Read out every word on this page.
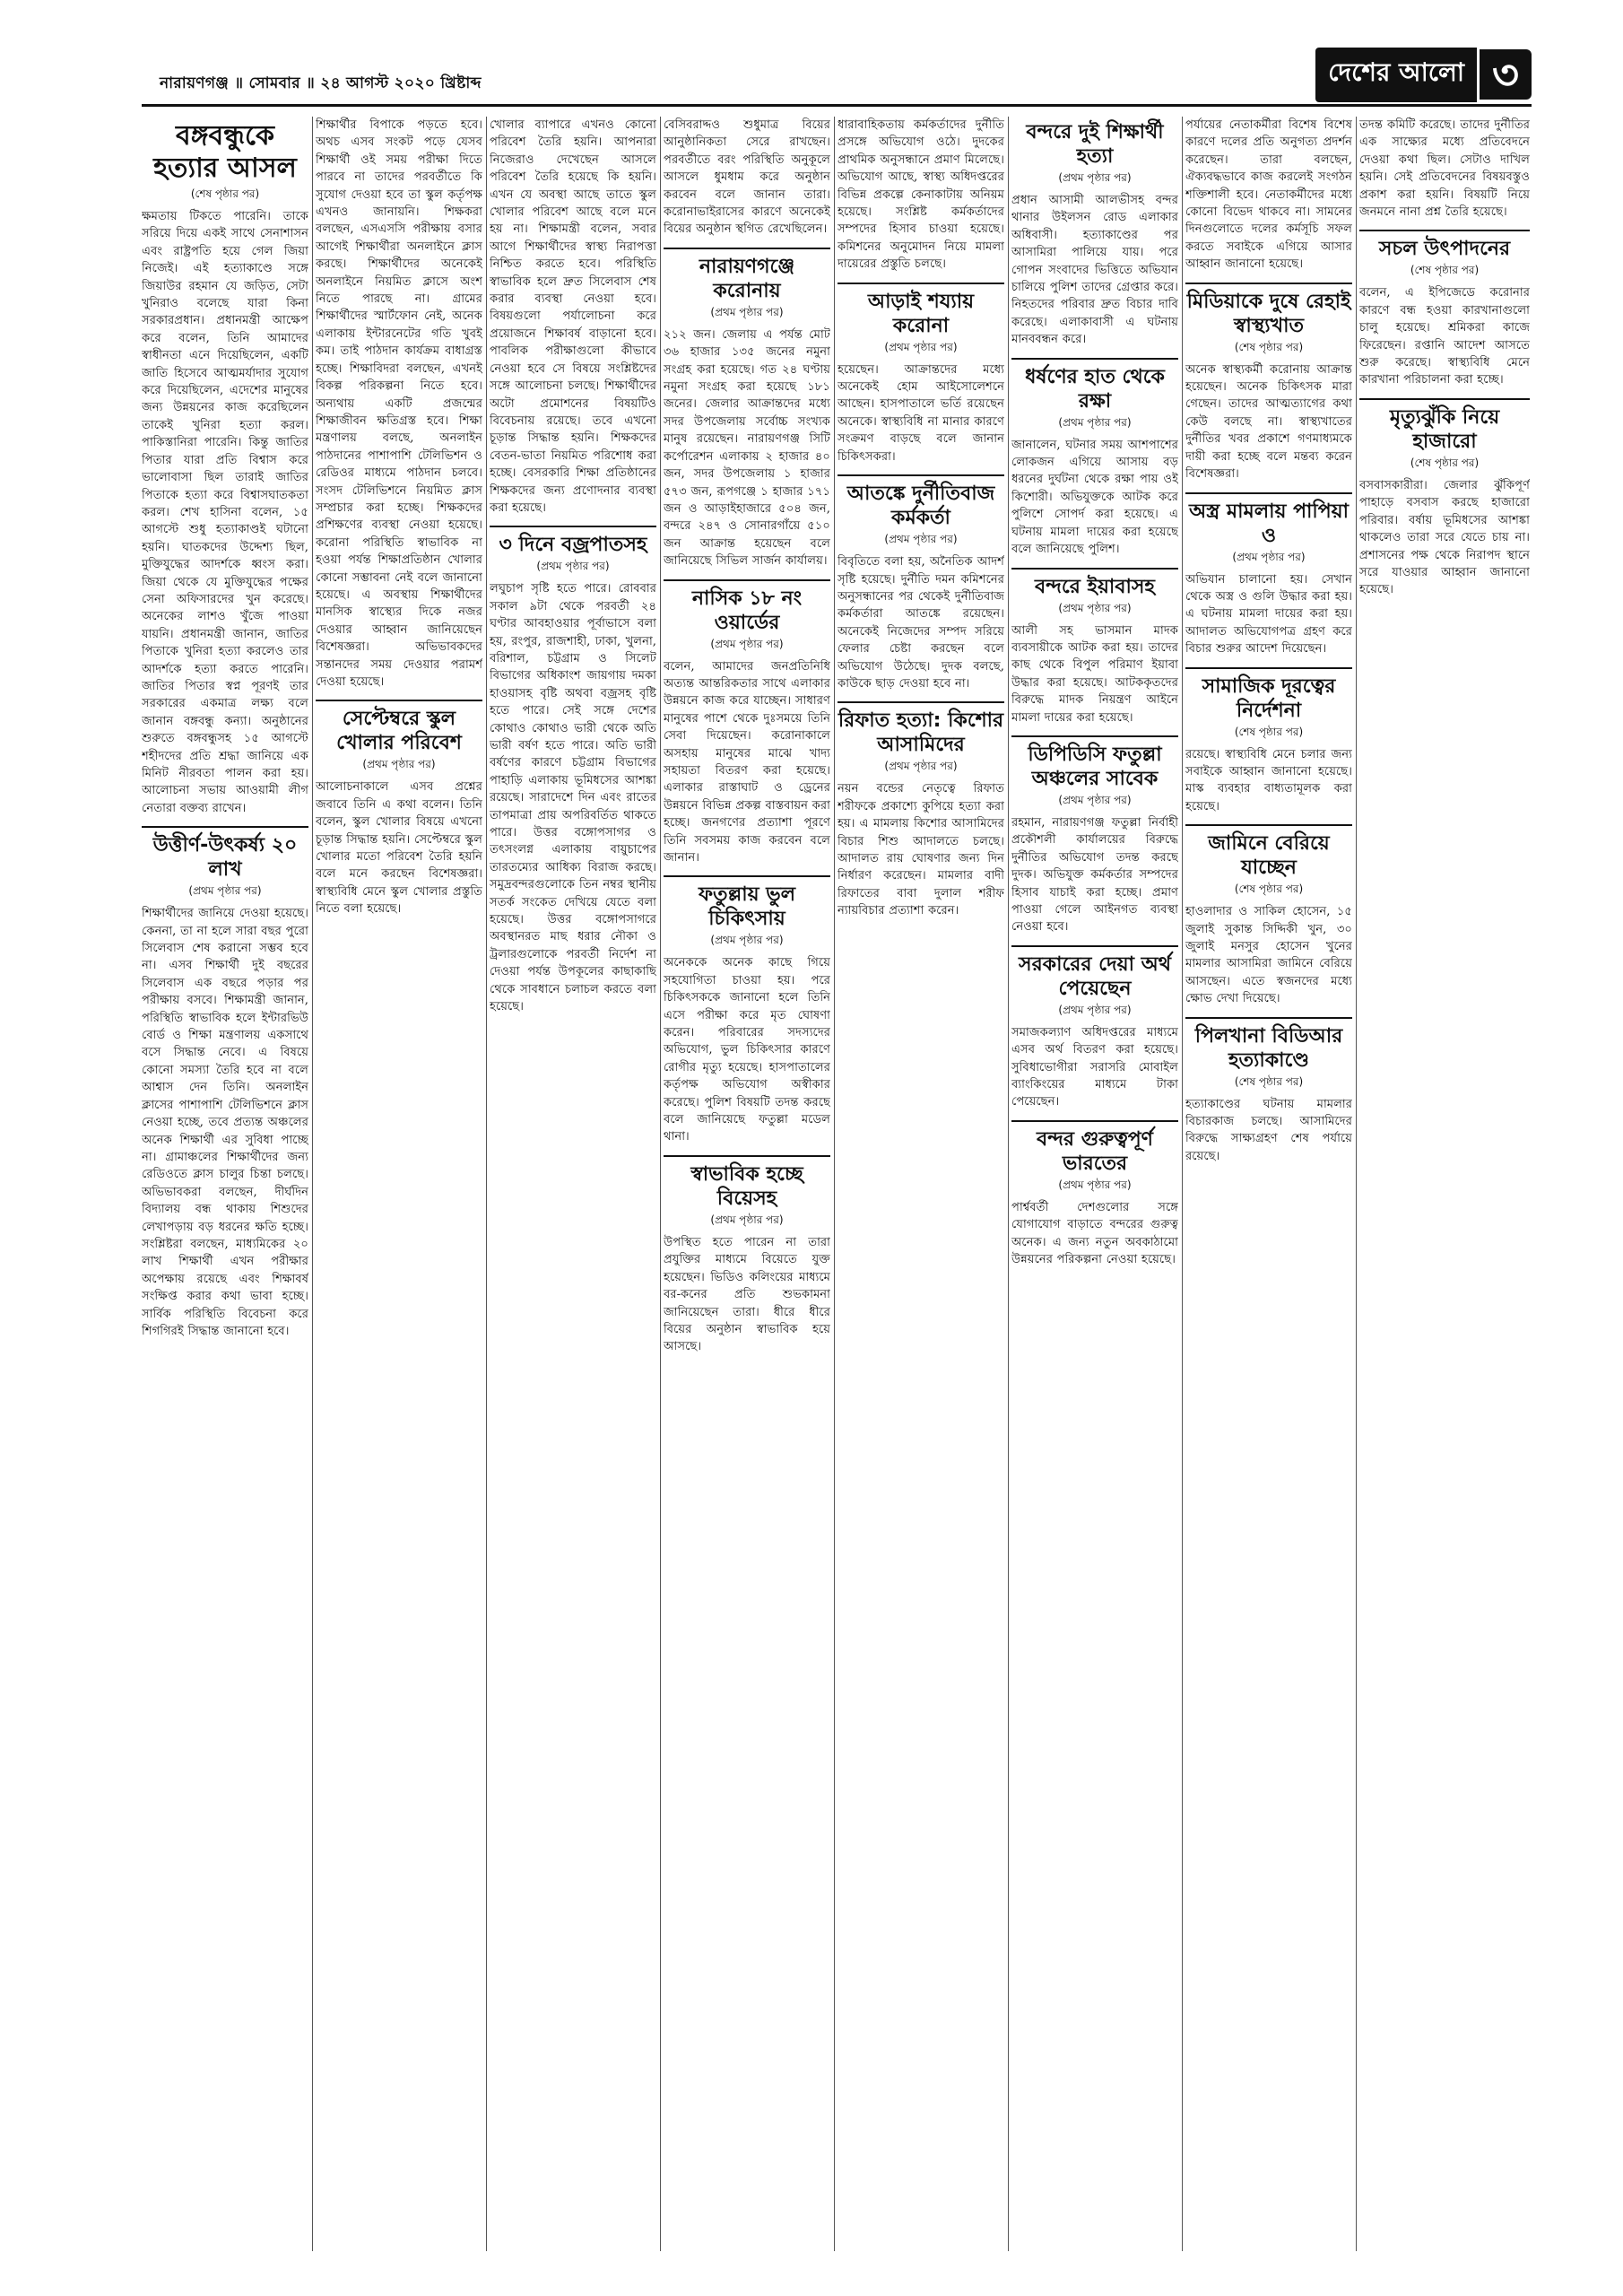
নারায়ণগঞ্জ ॥ সোমবার ॥ ২৪ আগস্ট ২০২০ খ্রিষ্টাব্দ	দেশের আলো ৩
বঙ্গবন্ধুকে হত্যার আসল
(শেষ পৃষ্ঠার পর)

ক্ষমতায় টিকতে পারেনি। তাকে সরিয়ে দিয়ে একই সাথে সেনাশাসন এবং রাষ্ট্রপতি হয়ে গেল জিয়া নিজেই। এই হত্যাকাণ্ডে সঙ্গে জিয়াউর রহমান যে জড়িত, সেটা খুনিরাও বলেছে যারা কিনা সরকারপ্রধান। প্রধানমন্ত্রী আক্ষেপ করে বলেন, তিনি আমাদের স্বাধীনতা এনে দিয়েছিলেন, একটি জাতি হিসেবে আত্মমর্যাদার সুযোগ করে দিয়েছিলেন, এদেশের মানুষের জন্য উন্নয়নের কাজ করেছিলেন তাকেই খুনিরা হত্যা করল। পাকিস্তানিরা পারেনি। কিন্তু জাতির পিতার যারা প্রতি বিশ্বাস করে ভালোবাসা ছিল তারাই জাতির পিতাকে হত্যা করে বিশ্বাসঘাতকতা করল। শেখ হাসিনা বলেন, ১৫ আগস্টে শুধু হত্যাকাণ্ডই ঘটানো হয়নি। ঘাতকদের উদ্দেশ্য ছিল, মুক্তিযুদ্ধের আদর্শকে ধ্বংস করা। জিয়া থেকে যে মুক্তিযুদ্ধের পক্ষের সেনা অফিসারদের খুন করেছে। অনেকের লাশও খুঁজে পাওয়া যায়নি। প্রধানমন্ত্রী জানান, জাতির পিতাকে খুনিরা হত্যা করলেও তার আদর্শকে হত্যা করতে পারেনি। জাতির পিতার স্বপ্ন পূরণই তার সরকারের একমাত্র লক্ষ্য বলে জানান বঙ্গবন্ধু কন্যা। অনুষ্ঠানের শুরুতে বঙ্গবন্ধুসহ ১৫ আগস্টে শহীদদের প্রতি শ্রদ্ধা জানিয়ে এক মিনিট নীরবতা পালন করা হয়। আলোচনা সভায় আওয়ামী লীগ নেতারা বক্তব্য রাখেন।

উত্তীর্ণ-উৎকর্ষ্য ২০ লাখ
(প্রথম পৃষ্ঠার পর)

শিক্ষার্থীদের জানিয়ে দেওয়া হয়েছে। কেননা, তা না হলে সারা বছর পুরো সিলেবাস শেষ করানো সম্ভব হবে না। এসব শিক্ষার্থী দুই বছরের সিলেবাস এক বছরে পড়ার পর পরীক্ষায় বসবে। শিক্ষামন্ত্রী জানান, পরিস্থিতি স্বাভাবিক হলে ইন্টারভিউ বোর্ড ও শিক্ষা মন্ত্রণালয় একসাথে বসে সিদ্ধান্ত নেবে। এ বিষয়ে কোনো সমস্যা তৈরি হবে না বলে আশ্বাস দেন তিনি। অনলাইন ক্লাসের পাশাপাশি টেলিভিশনে ক্লাস নেওয়া হচ্ছে, তবে প্রত্যন্ত অঞ্চলের অনেক শিক্ষার্থী এর সুবিধা পাচ্ছে না। গ্রামাঞ্চলের শিক্ষার্থীদের জন্য রেডিওতে ক্লাস চালুর চিন্তা চলছে। অভিভাবকরা বলছেন, দীর্ঘদিন বিদ্যালয় বন্ধ থাকায় শিশুদের লেখাপড়ায় বড় ধরনের ক্ষতি হচ্ছে। সংশ্লিষ্টরা বলছেন, মাধ্যমিকের ২০ লাখ শিক্ষার্থী এখন পরীক্ষার অপেক্ষায় রয়েছে এবং শিক্ষাবর্ষ সংক্ষিপ্ত করার কথা ভাবা হচ্ছে। সার্বিক পরিস্থিতি বিবেচনা করে শিগগিরই সিদ্ধান্ত জানানো হবে।

শিক্ষার্থীর বিপাকে পড়তে হবে। অথচ এসব সংকট পড়ে যেসব শিক্ষার্থী ওই সময় পরীক্ষা দিতে পারবে না তাদের পরবর্তীতে কি সুযোগ দেওয়া হবে তা স্কুল কর্তৃপক্ষ এখনও জানায়নি। শিক্ষকরা বলছেন, এসএসসি পরীক্ষায় বসার আগেই শিক্ষার্থীরা অনলাইনে ক্লাস করছে। শিক্ষার্থীদের অনেকেই অনলাইনে নিয়মিত ক্লাসে অংশ নিতে পারছে না। গ্রামের শিক্ষার্থীদের স্মার্টফোন নেই, অনেক এলাকায় ইন্টারনেটের গতি খুবই কম। তাই পাঠদান কার্যক্রম বাধাগ্রস্ত হচ্ছে। শিক্ষাবিদরা বলছেন, এখনই বিকল্প পরিকল্পনা নিতে হবে। অন্যথায় একটি প্রজন্মের শিক্ষাজীবন ক্ষতিগ্রস্ত হবে। শিক্ষা মন্ত্রণালয় বলছে, অনলাইন পাঠদানের পাশাপাশি টেলিভিশন ও রেডিওর মাধ্যমে পাঠদান চলবে। সংসদ টেলিভিশনে নিয়মিত ক্লাস সম্প্রচার করা হচ্ছে। শিক্ষকদের প্রশিক্ষণের ব্যবস্থা নেওয়া হয়েছে। করোনা পরিস্থিতি স্বাভাবিক না হওয়া পর্যন্ত শিক্ষাপ্রতিষ্ঠান খোলার কোনো সম্ভাবনা নেই বলে জানানো হয়েছে। এ অবস্থায় শিক্ষার্থীদের মানসিক স্বাস্থ্যের দিকে নজর দেওয়ার আহ্বান জানিয়েছেন বিশেষজ্ঞরা। অভিভাবকদের সন্তানদের সময় দেওয়ার পরামর্শ দেওয়া হয়েছে।

সেপ্টেম্বরে স্কুল খোলার পরিবেশ
(প্রথম পৃষ্ঠার পর)

আলোচনাকালে এসব প্রশ্নের জবাবে তিনি এ কথা বলেন। তিনি বলেন, স্কুল খোলার বিষয়ে এখনো চূড়ান্ত সিদ্ধান্ত হয়নি। সেপ্টেম্বরে স্কুল খোলার মতো পরিবেশ তৈরি হয়নি বলে মনে করছেন বিশেষজ্ঞরা। স্বাস্থ্যবিধি মেনে স্কুল খোলার প্রস্তুতি নিতে বলা হয়েছে।

খোলার ব্যাপারে এখনও কোনো পরিবেশ তৈরি হয়নি। আপনারা নিজেরাও দেখেছেন আসলে পরিবেশ তৈরি হয়েছে কি হয়নি। এখন যে অবস্থা আছে তাতে স্কুল খোলার পরিবেশ আছে বলে মনে হয় না। শিক্ষামন্ত্রী বলেন, সবার আগে শিক্ষার্থীদের স্বাস্থ্য নিরাপত্তা নিশ্চিত করতে হবে। পরিস্থিতি স্বাভাবিক হলে দ্রুত সিলেবাস শেষ করার ব্যবস্থা নেওয়া হবে। বিষয়গুলো পর্যালোচনা করে প্রয়োজনে শিক্ষাবর্ষ বাড়ানো হবে। পাবলিক পরীক্ষাগুলো কীভাবে নেওয়া হবে সে বিষয়ে সংশ্লিষ্টদের সঙ্গে আলোচনা চলছে। শিক্ষার্থীদের অটো প্রমোশনের বিষয়টিও বিবেচনায় রয়েছে। তবে এখনো চূড়ান্ত সিদ্ধান্ত হয়নি। শিক্ষকদের বেতন-ভাতা নিয়মিত পরিশোধ করা হচ্ছে। বেসরকারি শিক্ষা প্রতিষ্ঠানের শিক্ষকদের জন্য প্রণোদনার ব্যবস্থা করা হয়েছে।

৩ দিনে বজ্রপাতসহ
(প্রথম পৃষ্ঠার পর)

লঘুচাপ সৃষ্টি হতে পারে। রোববার সকাল ৯টা থেকে পরবর্তী ২৪ ঘণ্টার আবহাওয়ার পূর্বাভাসে বলা হয়, রংপুর, রাজশাহী, ঢাকা, খুলনা, বরিশাল, চট্টগ্রাম ও সিলেট বিভাগের অধিকাংশ জায়গায় দমকা হাওয়াসহ বৃষ্টি অথবা বজ্রসহ বৃষ্টি হতে পারে। সেই সঙ্গে দেশের কোথাও কোথাও ভারী থেকে অতি ভারী বর্ষণ হতে পারে। অতি ভারী বর্ষণের কারণে চট্টগ্রাম বিভাগের পাহাড়ি এলাকায় ভূমিধসের আশঙ্কা রয়েছে। সারাদেশে দিন এবং রাতের তাপমাত্রা প্রায় অপরিবর্তিত থাকতে পারে। উত্তর বঙ্গোপসাগর ও তৎসংলগ্ন এলাকায় বায়ুচাপের তারতম্যের আধিক্য বিরাজ করছে। সমুদ্রবন্দরগুলোকে তিন নম্বর স্থানীয় সতর্ক সংকেত দেখিয়ে যেতে বলা হয়েছে। উত্তর বঙ্গোপসাগরে অবস্থানরত মাছ ধরার নৌকা ও ট্রলারগুলোকে পরবর্তী নির্দেশ না দেওয়া পর্যন্ত উপকূলের কাছাকাছি থেকে সাবধানে চলাচল করতে বলা হয়েছে।

বেসিবরাদ্দও শুধুমাত্র বিয়ের আনুষ্ঠানিকতা সেরে রাখছেন। পরবর্তীতে বরং পরিস্থিতি অনুকূলে আসলে ধুমধাম করে অনুষ্ঠান করবেন বলে জানান তারা। করোনাভাইরাসের কারণে অনেকেই বিয়ের অনুষ্ঠান স্থগিত রেখেছিলেন।

নারায়ণগঞ্জে করোনায়
(প্রথম পৃষ্ঠার পর)

২১২ জন। জেলায় এ পর্যন্ত মোট ৩৬ হাজার ১৩৫ জনের নমুনা সংগ্রহ করা হয়েছে। গত ২৪ ঘণ্টায় নমুনা সংগ্রহ করা হয়েছে ১৮১ জনের। জেলার আক্রান্তদের মধ্যে সদর উপজেলায় সর্বোচ্চ সংখ্যক মানুষ রয়েছেন। নারায়ণগঞ্জ সিটি কর্পোরেশন এলাকায় ২ হাজার ৪০ জন, সদর উপজেলায় ১ হাজার ৫৭৩ জন, রূপগঞ্জে ১ হাজার ১৭১ জন ও আড়াইহাজারে ৫০৪ জন, বন্দরে ২৪৭ ও সোনারগাঁয়ে ৫১০ জন আক্রান্ত হয়েছেন বলে জানিয়েছে সিভিল সার্জন কার্যালয়।

নাসিক ১৮ নং ওয়ার্ডের
(প্রথম পৃষ্ঠার পর)

বলেন, আমাদের জনপ্রতিনিধি অত্যন্ত আন্তরিকতার সাথে এলাকার উন্নয়নে কাজ করে যাচ্ছেন। সাধারণ মানুষের পাশে থেকে দুঃসময়ে তিনি সেবা দিয়েছেন। করোনাকালে অসহায় মানুষের মাঝে খাদ্য সহায়তা বিতরণ করা হয়েছে। এলাকার রাস্তাঘাট ও ড্রেনের উন্নয়নে বিভিন্ন প্রকল্প বাস্তবায়ন করা হচ্ছে। জনগণের প্রত্যাশা পূরণে তিনি সবসময় কাজ করবেন বলে জানান।

ফতুল্লায় ভুল চিকিৎসায়
(প্রথম পৃষ্ঠার পর)

অনেককে অনেক কাছে গিয়ে সহযোগিতা চাওয়া হয়। পরে চিকিৎসককে জানানো হলে তিনি এসে পরীক্ষা করে মৃত ঘোষণা করেন। পরিবারের সদস্যদের অভিযোগ, ভুল চিকিৎসার কারণে রোগীর মৃত্যু হয়েছে। হাসপাতালের কর্তৃপক্ষ অভিযোগ অস্বীকার করেছে। পুলিশ বিষয়টি তদন্ত করছে বলে জানিয়েছে ফতুল্লা মডেল থানা।

স্বাভাবিক হচ্ছে বিয়েসহ
(প্রথম পৃষ্ঠার পর)

উপস্থিত হতে পারেন না তারা প্রযুক্তির মাধ্যমে বিয়েতে যুক্ত হয়েছেন। ভিডিও কলিংয়ের মাধ্যমে বর-কনের প্রতি শুভকামনা জানিয়েছেন তারা। ধীরে ধীরে বিয়ের অনুষ্ঠান স্বাভাবিক হয়ে আসছে।

ধারাবাহিকতায় কর্মকর্তাদের দুর্নীতি প্রসঙ্গে অভিযোগ ওঠে। দুদকের প্রাথমিক অনুসন্ধানে প্রমাণ মিলেছে। অভিযোগ আছে, স্বাস্থ্য অধিদপ্তরের বিভিন্ন প্রকল্পে কেনাকাটায় অনিয়ম হয়েছে। সংশ্লিষ্ট কর্মকর্তাদের সম্পদের হিসাব চাওয়া হয়েছে। কমিশনের অনুমোদন নিয়ে মামলা দায়েরের প্রস্তুতি চলছে।

আড়াই শয্যায় করোনা
(প্রথম পৃষ্ঠার পর)

হয়েছেন। আক্রান্তদের মধ্যে অনেকেই হোম আইসোলেশনে আছেন। হাসপাতালে ভর্তি রয়েছেন অনেকে। স্বাস্থ্যবিধি না মানার কারণে সংক্রমণ বাড়ছে বলে জানান চিকিৎসকরা।

আতঙ্কে দুর্নীতিবাজ কর্মকর্তা
(প্রথম পৃষ্ঠার পর)

বিবৃতিতে বলা হয়, অনৈতিক আদর্শ সৃষ্টি হয়েছে। দুর্নীতি দমন কমিশনের অনুসন্ধানের পর থেকেই দুর্নীতিবাজ কর্মকর্তারা আতঙ্কে রয়েছেন। অনেকেই নিজেদের সম্পদ সরিয়ে ফেলার চেষ্টা করছেন বলে অভিযোগ উঠেছে। দুদক বলছে, কাউকে ছাড় দেওয়া হবে না।

রিফাত হত্যা: কিশোর আসামিদের
(প্রথম পৃষ্ঠার পর)

নয়ন বন্ডের নেতৃত্বে রিফাত শরীফকে প্রকাশ্যে কুপিয়ে হত্যা করা হয়। এ মামলায় কিশোর আসামিদের বিচার শিশু আদালতে চলছে। আদালত রায় ঘোষণার জন্য দিন নির্ধারণ করেছেন। মামলার বাদী রিফাতের বাবা দুলাল শরীফ ন্যায়বিচার প্রত্যাশা করেন।

বন্দরে দুই শিক্ষার্থী হত্যা
(প্রথম পৃষ্ঠার পর)

প্রধান আসামী আলভীসহ বন্দর থানার উইলসন রোড এলাকার অধিবাসী। হত্যাকাণ্ডের পর আসামিরা পালিয়ে যায়। পরে গোপন সংবাদের ভিত্তিতে অভিযান চালিয়ে পুলিশ তাদের গ্রেপ্তার করে। নিহতদের পরিবার দ্রুত বিচার দাবি করেছে। এলাকাবাসী এ ঘটনায় মানববন্ধন করে।

ধর্ষণের হাত থেকে রক্ষা
(প্রথম পৃষ্ঠার পর)

জানালেন, ঘটনার সময় আশপাশের লোকজন এগিয়ে আসায় বড় ধরনের দুর্ঘটনা থেকে রক্ষা পায় ওই কিশোরী। অভিযুক্তকে আটক করে পুলিশে সোপর্দ করা হয়েছে। এ ঘটনায় মামলা দায়ের করা হয়েছে বলে জানিয়েছে পুলিশ।

বন্দরে ইয়াবাসহ
(প্রথম পৃষ্ঠার পর)

আলী সহ ভাসমান মাদক ব্যবসায়ীকে আটক করা হয়। তাদের কাছ থেকে বিপুল পরিমাণ ইয়াবা উদ্ধার করা হয়েছে। আটককৃতদের বিরুদ্ধে মাদক নিয়ন্ত্রণ আইনে মামলা দায়ের করা হয়েছে।

ডিপিডিসি ফতুল্লা অঞ্চলের সাবেক
(প্রথম পৃষ্ঠার পর)

রহমান, নারায়ণগঞ্জ ফতুল্লা নির্বাহী প্রকৌশলী কার্যালয়ের বিরুদ্ধে দুর্নীতির অভিযোগ তদন্ত করছে দুদক। অভিযুক্ত কর্মকর্তার সম্পদের হিসাব যাচাই করা হচ্ছে। প্রমাণ পাওয়া গেলে আইনগত ব্যবস্থা নেওয়া হবে।

সরকারের দেয়া অর্থ পেয়েছেন
(প্রথম পৃষ্ঠার পর)

সমাজকল্যাণ অধিদপ্তরের মাধ্যমে এসব অর্থ বিতরণ করা হয়েছে। সুবিধাভোগীরা সরাসরি মোবাইল ব্যাংকিংয়ের মাধ্যমে টাকা পেয়েছেন।

বন্দর গুরুত্বপূর্ণ ভারতের
(প্রথম পৃষ্ঠার পর)

পার্শ্ববর্তী দেশগুলোর সঙ্গে যোগাযোগ বাড়াতে বন্দরের গুরুত্ব অনেক। এ জন্য নতুন অবকাঠামো উন্নয়নের পরিকল্পনা নেওয়া হয়েছে।

পর্যায়ের নেতাকর্মীরা বিশেষ বিশেষ কারণে দলের প্রতি অনুগত্য প্রদর্শন করেছেন। তারা বলছেন, ঐক্যবদ্ধভাবে কাজ করলেই সংগঠন শক্তিশালী হবে। নেতাকর্মীদের মধ্যে কোনো বিভেদ থাকবে না। সামনের দিনগুলোতে দলের কর্মসূচি সফল করতে সবাইকে এগিয়ে আসার আহ্বান জানানো হয়েছে।

মিডিয়াকে দুষে রেহাই স্বাস্থ্যখাত
(শেষ পৃষ্ঠার পর)

অনেক স্বাস্থ্যকর্মী করোনায় আক্রান্ত হয়েছেন। অনেক চিকিৎসক মারা গেছেন। তাদের আত্মত্যাগের কথা কেউ বলছে না। স্বাস্থ্যখাতের দুর্নীতির খবর প্রকাশে গণমাধ্যমকে দায়ী করা হচ্ছে বলে মন্তব্য করেন বিশেষজ্ঞরা।

অস্ত্র মামলায় পাপিয়া ও
(প্রথম পৃষ্ঠার পর)

অভিযান চালানো হয়। সেখান থেকে অস্ত্র ও গুলি উদ্ধার করা হয়। এ ঘটনায় মামলা দায়ের করা হয়। আদালত অভিযোগপত্র গ্রহণ করে বিচার শুরুর আদেশ দিয়েছেন।

সামাজিক দূরত্বের নির্দেশনা
(শেষ পৃষ্ঠার পর)

রয়েছে। স্বাস্থ্যবিধি মেনে চলার জন্য সবাইকে আহ্বান জানানো হয়েছে। মাস্ক ব্যবহার বাধ্যতামূলক করা হয়েছে।

জামিনে বেরিয়ে যাচ্ছেন
(শেষ পৃষ্ঠার পর)

হাওলাদার ও সাকিল হোসেন, ১৫ জুলাই সুকান্ত সিদ্দিকী খুন, ৩০ জুলাই মনসুর হোসেন খুনের মামলার আসামিরা জামিনে বেরিয়ে আসছেন। এতে স্বজনদের মধ্যে ক্ষোভ দেখা দিয়েছে।

পিলখানা বিডিআর হত্যাকাণ্ডে
(শেষ পৃষ্ঠার পর)

হত্যাকাণ্ডের ঘটনায় মামলার বিচারকাজ চলছে। আসামিদের বিরুদ্ধে সাক্ষ্যগ্রহণ শেষ পর্যায়ে রয়েছে।

তদন্ত কমিটি করেছে। তাদের দুর্নীতির এক সাক্ষ্যের মধ্যে প্রতিবেদনে দেওয়া কথা ছিল। সেটাও দাখিল হয়নি। সেই প্রতিবেদনের বিষয়বস্তুও প্রকাশ করা হয়নি। বিষয়টি নিয়ে জনমনে নানা প্রশ্ন তৈরি হয়েছে।

সচল উৎপাদনের
(শেষ পৃষ্ঠার পর)

বলেন, এ ইপিজেডে করোনার কারণে বন্ধ হওয়া কারখানাগুলো চালু হয়েছে। শ্রমিকরা কাজে ফিরেছেন। রপ্তানি আদেশ আসতে শুরু করেছে। স্বাস্থ্যবিধি মেনে কারখানা পরিচালনা করা হচ্ছে।

মৃত্যুঝুঁকি নিয়ে হাজারো
(শেষ পৃষ্ঠার পর)

বসবাসকারীরা। জেলার ঝুঁকিপূর্ণ পাহাড়ে বসবাস করছে হাজারো পরিবার। বর্ষায় ভূমিধসের আশঙ্কা থাকলেও তারা সরে যেতে চায় না। প্রশাসনের পক্ষ থেকে নিরাপদ স্থানে সরে যাওয়ার আহ্বান জানানো হয়েছে।
